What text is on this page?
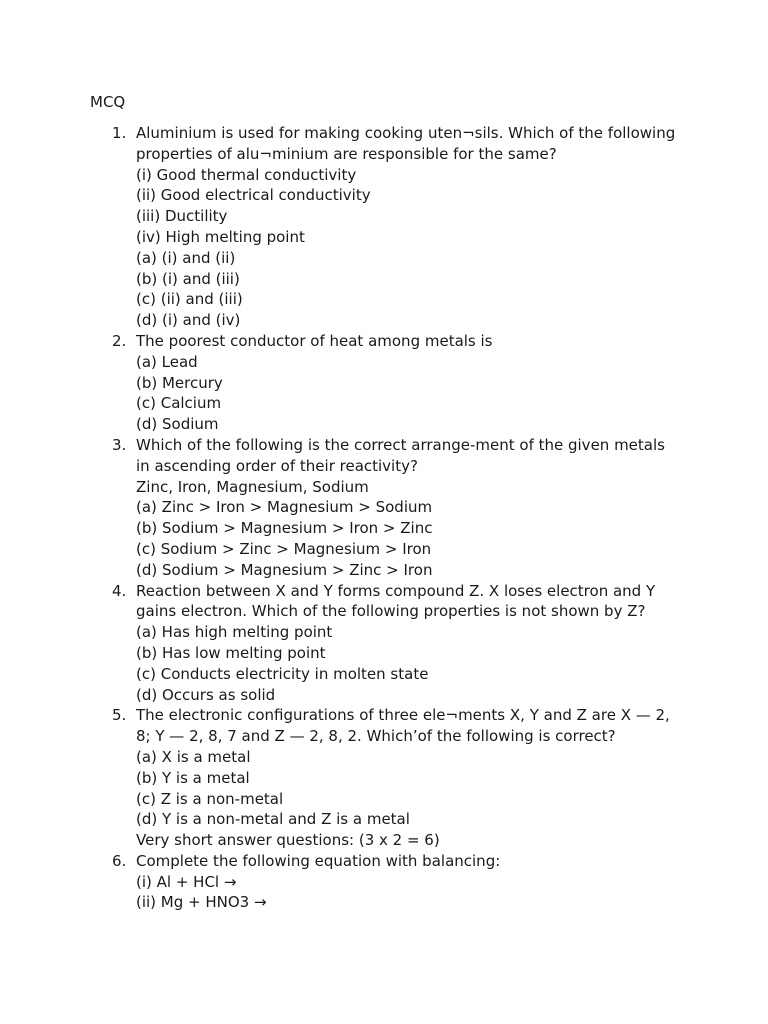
MCQ
1. Aluminium is used for making cooking uten¬sils. Which of the following
properties of alu¬minium are responsible for the same?
(i) Good thermal conductivity
(ii) Good electrical conductivity
(iii) Ductility
(iv) High melting point
(a) (i) and (ii)
(b) (i) and (iii)
(c) (ii) and (iii)
(d) (i) and (iv)
2. The poorest conductor of heat among metals is
(a) Lead
(b) Mercury
(c) Calcium
(d) Sodium
3. Which of the following is the correct arrange-ment of the given metals
in ascending order of their reactivity?
Zinc, Iron, Magnesium, Sodium
(a) Zinc > Iron > Magnesium > Sodium
(b) Sodium > Magnesium > Iron > Zinc
(c) Sodium > Zinc > Magnesium > Iron
(d) Sodium > Magnesium > Zinc > Iron
4. Reaction between X and Y forms compound Z. X loses electron and Y
gains electron. Which of the following properties is not shown by Z?
(a) Has high melting point
(b) Has low melting point
(c) Conducts electricity in molten state
(d) Occurs as solid
5. The electronic configurations of three ele¬ments X, Y and Z are X — 2,
8; Y — 2, 8, 7 and Z — 2, 8, 2. Which’of the following is correct?
(a) X is a metal
(b) Y is a metal
(c) Z is a non-metal
(d) Y is a non-metal and Z is a metal
Very short answer questions: (3 x 2 = 6)
6. Complete the following equation with balancing:
(i) Al + HCl →
(ii) Mg + HNO3 →
